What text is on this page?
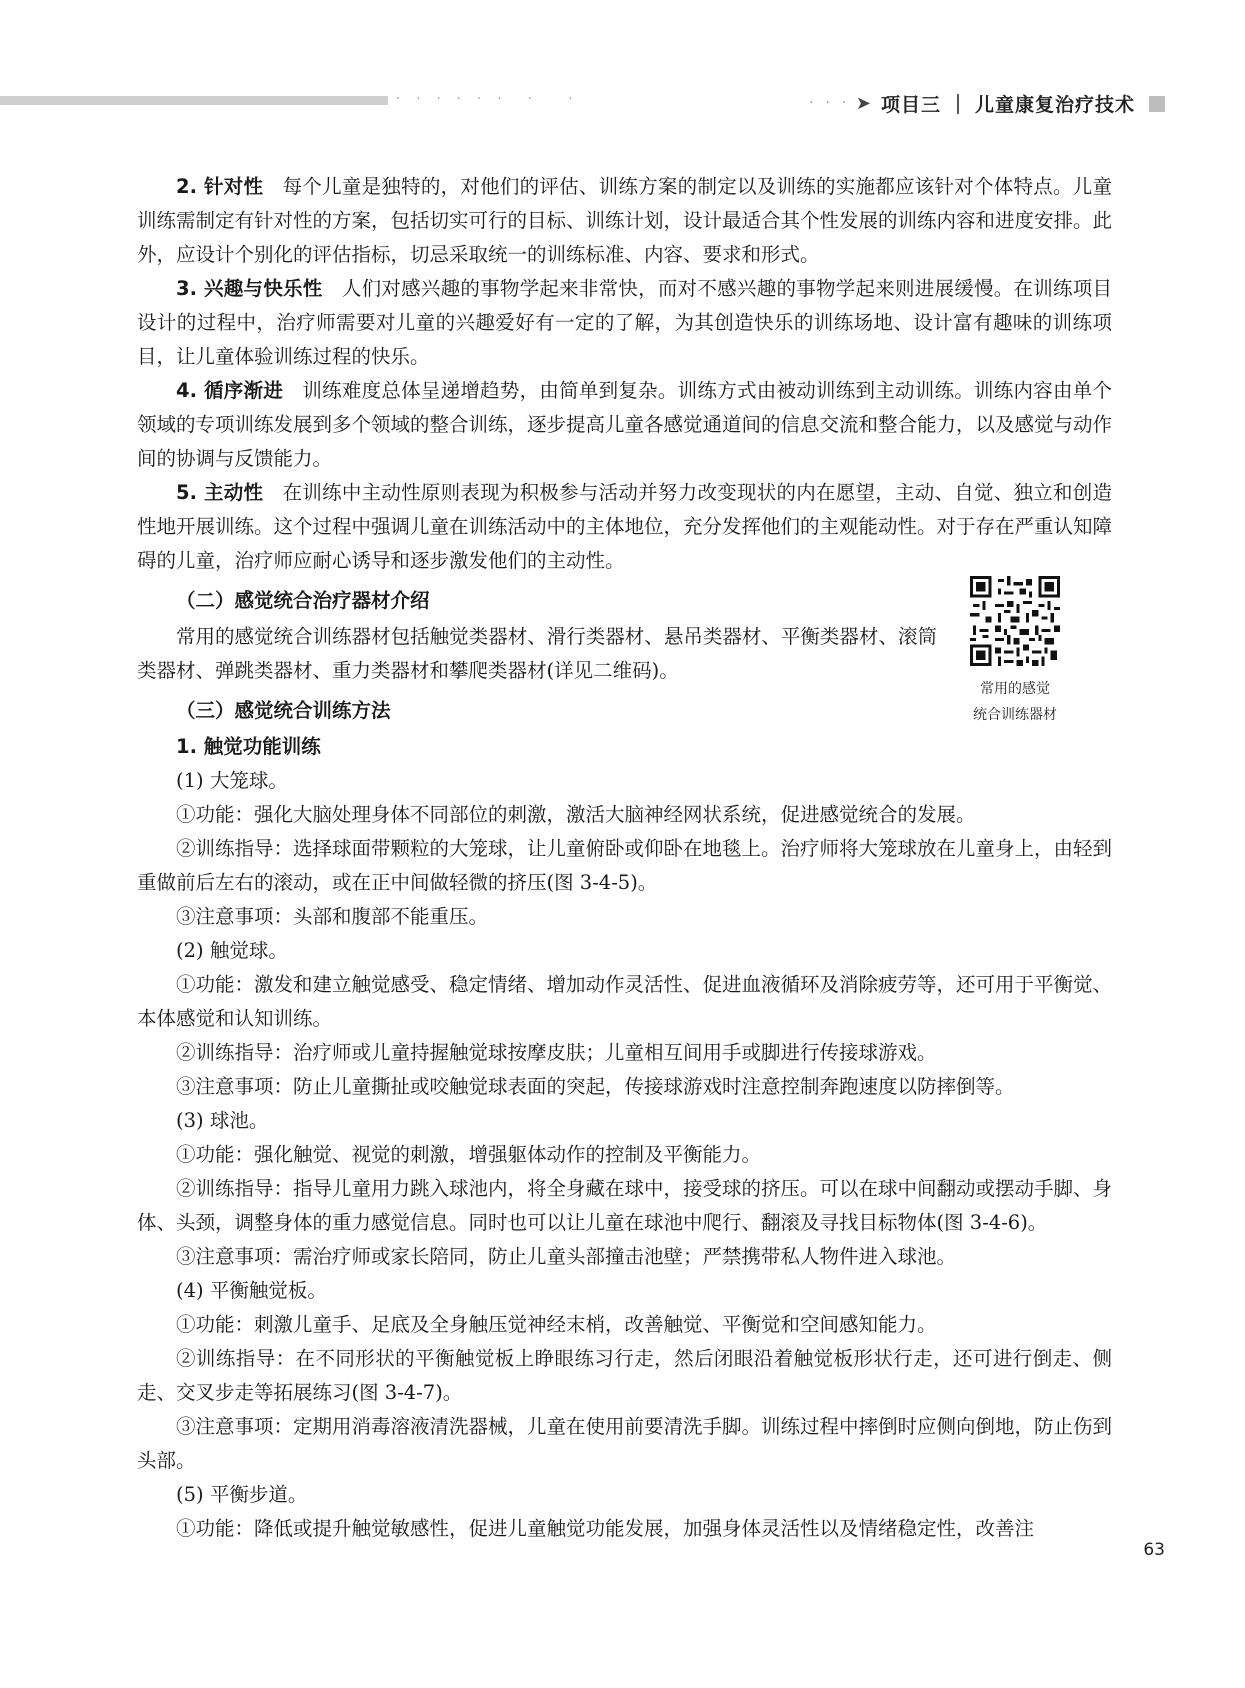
· · · · · ·  ·   ·	· · · ➤ 项目三 儿童康复治疗技术

2. 针对性 每个儿童是独特的，对他们的评估、训练方案的制定以及训练的实施都应该针对个体特点。儿童训练需制定有针对性的方案，包括切实可行的目标、训练计划，设计最适合其个性发展的训练内容和进度安排。此外，应设计个别化的评估指标，切忌采取统一的训练标准、内容、要求和形式。

3. 兴趣与快乐性 人们对感兴趣的事物学起来非常快，而对不感兴趣的事物学起来则进展缓慢。在训练项目设计的过程中，治疗师需要对儿童的兴趣爱好有一定的了解，为其创造快乐的训练场地、设计富有趣味的训练项目，让儿童体验训练过程的快乐。

4. 循序渐进 训练难度总体呈递增趋势，由简单到复杂。训练方式由被动训练到主动训练。训练内容由单个领域的专项训练发展到多个领域的整合训练，逐步提高儿童各感觉通道间的信息交流和整合能力，以及感觉与动作间的协调与反馈能力。

5. 主动性 在训练中主动性原则表现为积极参与活动并努力改变现状的内在愿望，主动、自觉、独立和创造性地开展训练。这个过程中强调儿童在训练活动中的主体地位，充分发挥他们的主观能动性。对于存在严重认知障碍的儿童，治疗师应耐心诱导和逐步激发他们的主动性。

（二）感觉统合治疗器材介绍

常用的感觉统合训练器材包括触觉类器材、滑行类器材、悬吊类器材、平衡类器材、滚筒类器材、弹跳类器材、重力类器材和攀爬类器材(详见二维码)。

（三）感觉统合训练方法

1. 触觉功能训练

(1) 大笼球。

①功能：强化大脑处理身体不同部位的刺激，激活大脑神经网状系统，促进感觉统合的发展。

②训练指导：选择球面带颗粒的大笼球，让儿童俯卧或仰卧在地毯上。治疗师将大笼球放在儿童身上，由轻到重做前后左右的滚动，或在正中间做轻微的挤压(图 3-4-5)。

③注意事项：头部和腹部不能重压。

(2) 触觉球。

①功能：激发和建立触觉感受、稳定情绪、增加动作灵活性、促进血液循环及消除疲劳等，还可用于平衡觉、本体感觉和认知训练。

②训练指导：治疗师或儿童持握触觉球按摩皮肤；儿童相互间用手或脚进行传接球游戏。

③注意事项：防止儿童撕扯或咬触觉球表面的突起，传接球游戏时注意控制奔跑速度以防摔倒等。

(3) 球池。

①功能：强化触觉、视觉的刺激，增强躯体动作的控制及平衡能力。

②训练指导：指导儿童用力跳入球池内，将全身藏在球中，接受球的挤压。可以在球中间翻动或摆动手脚、身体、头颈，调整身体的重力感觉信息。同时也可以让儿童在球池中爬行、翻滚及寻找目标物体(图 3-4-6)。

③注意事项：需治疗师或家长陪同，防止儿童头部撞击池壁；严禁携带私人物件进入球池。

(4) 平衡触觉板。

①功能：刺激儿童手、足底及全身触压觉神经末梢，改善触觉、平衡觉和空间感知能力。

②训练指导：在不同形状的平衡触觉板上睁眼练习行走，然后闭眼沿着触觉板形状行走，还可进行倒走、侧走、交叉步走等拓展练习(图 3-4-7)。

③注意事项：定期用消毒溶液清洗器械，儿童在使用前要清洗手脚。训练过程中摔倒时应侧向倒地，防止伤到头部。

(5) 平衡步道。

①功能：降低或提升触觉敏感性，促进儿童触觉功能发展，加强身体灵活性以及情绪稳定性，改善注

常用的感觉
统合训练器材
63
